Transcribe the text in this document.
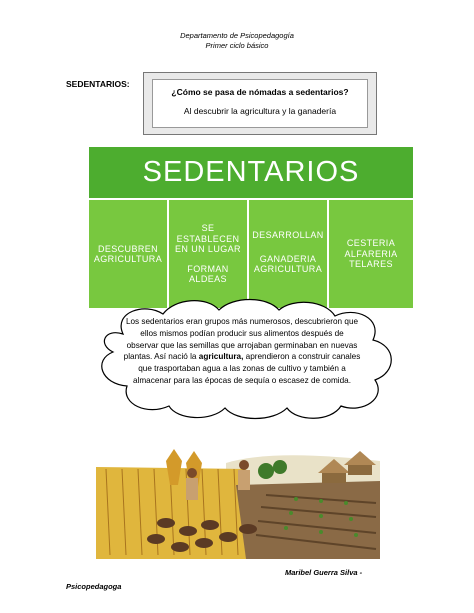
Departamento de Psicopedagogía
Primer ciclo básico
SEDENTARIOS:
¿Cómo se pasa de nómadas a sedentarios?
Al descubrir la agricultura y la ganadería
SEDENTARIOS
DESCUBREN
AGRICULTURA
SE
ESTABLECEN
EN UN LUGAR
FORMAN
ALDEAS
DESARROLLAN
GANADERIA
AGRICULTURA
CESTERIA
ALFARERIA
TELARES

Los sedentarios eran grupos más numerosos, descubrieron que

ellos mismos podían producir sus alimentos después de

observar que las semillas que arrojaban germinaban en nuevas

plantas. Así nació la agricultura, aprendieron a construir canales

que trasportaban agua a las zonas de cultivo y también a

almacenar para las épocas de sequía o escasez de comida.

Maribel Guerra Silva -
Psicopedagoga
